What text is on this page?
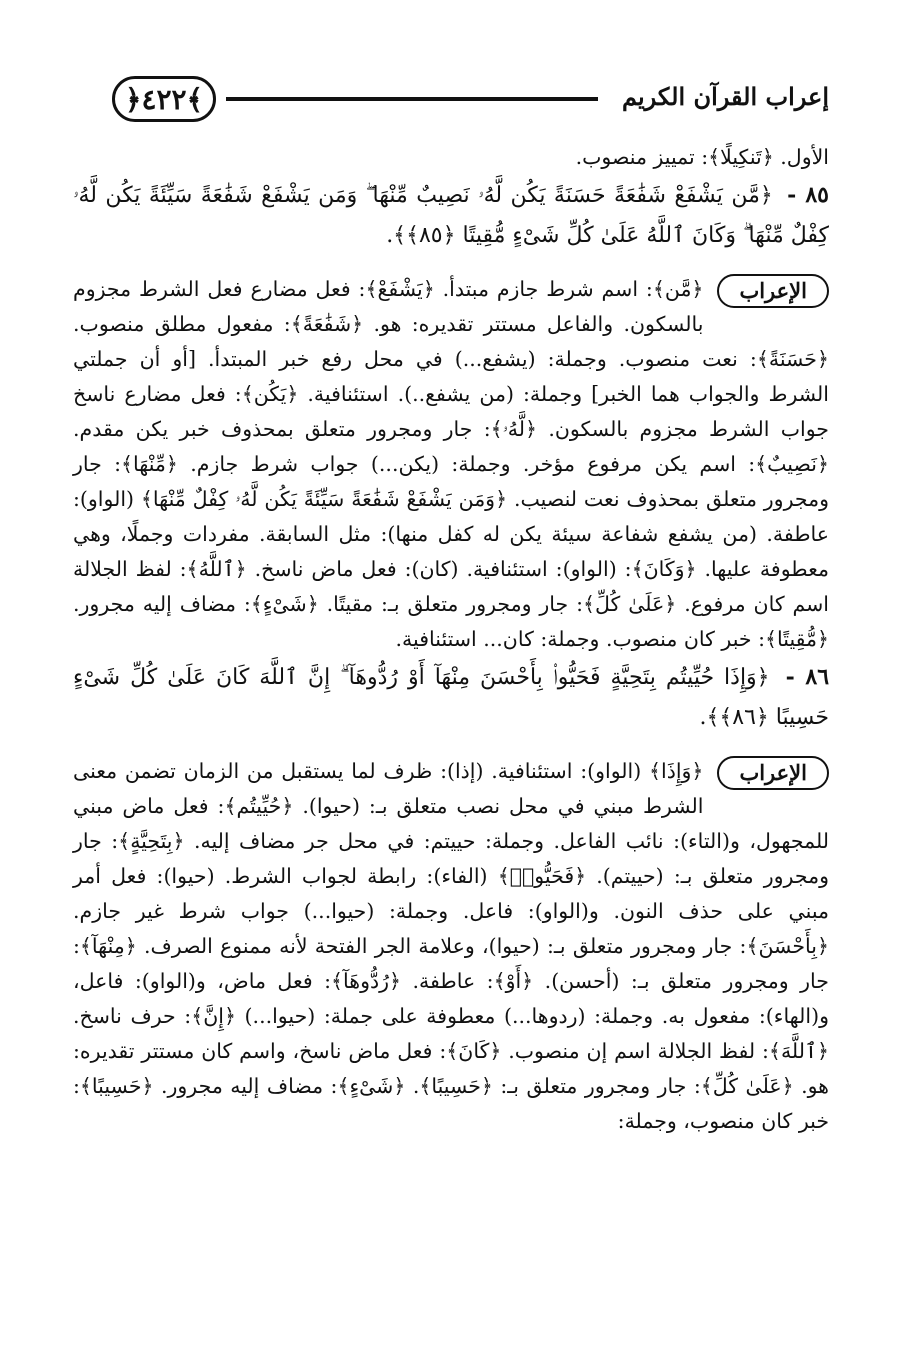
﴿٤٢٢﴾	إعراب القرآن الكريم

الأول. ﴿تَنكِيلًا﴾: تمييز منصوب.

٨٥ - ﴿مَّن يَشْفَعْ شَفَٰعَةً حَسَنَةً يَكُن لَّهُۥ نَصِيبٌ مِّنْهَا ۖ وَمَن يَشْفَعْ شَفَٰعَةً سَيِّئَةً يَكُن لَّهُۥ كِفْلٌ مِّنْهَا ۗ وَكَانَ ٱللَّهُ عَلَىٰ كُلِّ شَىْءٍ مُّقِيتًا ﴿٨٥﴾﴾.

الإعراب
﴿مَّن﴾: اسم شرط جازم مبتدأ. ﴿يَشْفَعْ﴾: فعل مضارع فعل الشرط مجزوم بالسكون. والفاعل مستتر تقديره: هو. ﴿شَفَٰعَةً﴾: مفعول مطلق منصوب. ﴿حَسَنَةً﴾: نعت منصوب. وجملة: (يشفع...) في محل رفع خبر المبتدأ. [أو أن جملتي الشرط والجواب هما الخبر] وجملة: (من يشفع..). استئنافية. ﴿يَكُن﴾: فعل مضارع ناسخ جواب الشرط مجزوم بالسكون. ﴿لَّهُۥ﴾: جار ومجرور متعلق بمحذوف خبر يكن مقدم. ﴿نَصِيبٌ﴾: اسم يكن مرفوع مؤخر. وجملة: (يكن...) جواب شرط جازم. ﴿مِّنْهَا﴾: جار ومجرور متعلق بمحذوف نعت لنصيب. ﴿وَمَن يَشْفَعْ شَفَٰعَةً سَيِّئَةً يَكُن لَّهُۥ كِفْلٌ مِّنْهَا﴾ (الواو): عاطفة. (من يشفع شفاعة سيئة يكن له كفل منها): مثل السابقة. مفردات وجملًا، وهي معطوفة عليها. ﴿وَكَانَ﴾: (الواو): استئنافية. (كان): فعل ماض ناسخ. ﴿ٱللَّهُ﴾: لفظ الجلالة اسم كان مرفوع. ﴿عَلَىٰ كُلِّ﴾: جار ومجرور متعلق بـ: مقيتًا. ﴿شَىْءٍ﴾: مضاف إليه مجرور. ﴿مُّقِيتًا﴾: خبر كان منصوب. وجملة: كان... استئنافية.

٨٦ - ﴿وَإِذَا حُيِّيتُم بِتَحِيَّةٍ فَحَيُّوا۟ بِأَحْسَنَ مِنْهَآ أَوْ رُدُّوهَآ ۗ إِنَّ ٱللَّهَ كَانَ عَلَىٰ كُلِّ شَىْءٍ حَسِيبًا ﴿٨٦﴾﴾.

الإعراب
﴿وَإِذَا﴾ (الواو): استئنافية. (إذا): ظرف لما يستقبل من الزمان تضمن معنى الشرط مبني في محل نصب متعلق بـ: (حيوا). ﴿حُيِّيتُم﴾: فعل ماض مبني للمجهول، و(التاء): نائب الفاعل. وجملة: حييتم: في محل جر مضاف إليه. ﴿بِتَحِيَّةٍ﴾: جار ومجرور متعلق بـ: (حييتم). ﴿فَحَيُّوا۟﴾ (الفاء): رابطة لجواب الشرط. (حيوا): فعل أمر مبني على حذف النون. و(الواو): فاعل. وجملة: (حيوا...) جواب شرط غير جازم. ﴿بِأَحْسَنَ﴾: جار ومجرور متعلق بـ: (حيوا)، وعلامة الجر الفتحة لأنه ممنوع الصرف. ﴿مِنْهَآ﴾: جار ومجرور متعلق بـ: (أحسن). ﴿أَوْ﴾: عاطفة. ﴿رُدُّوهَآ﴾: فعل ماض، و(الواو): فاعل، و(الهاء): مفعول به. وجملة: (ردوها...) معطوفة على جملة: (حيوا...) ﴿إِنَّ﴾: حرف ناسخ. ﴿ٱللَّهَ﴾: لفظ الجلالة اسم إن منصوب. ﴿كَانَ﴾: فعل ماض ناسخ، واسم كان مستتر تقديره: هو. ﴿عَلَىٰ كُلِّ﴾: جار ومجرور متعلق بـ: ﴿حَسِيبًا﴾. ﴿شَىْءٍ﴾: مضاف إليه مجرور. ﴿حَسِيبًا﴾: خبر كان منصوب، وجملة:
